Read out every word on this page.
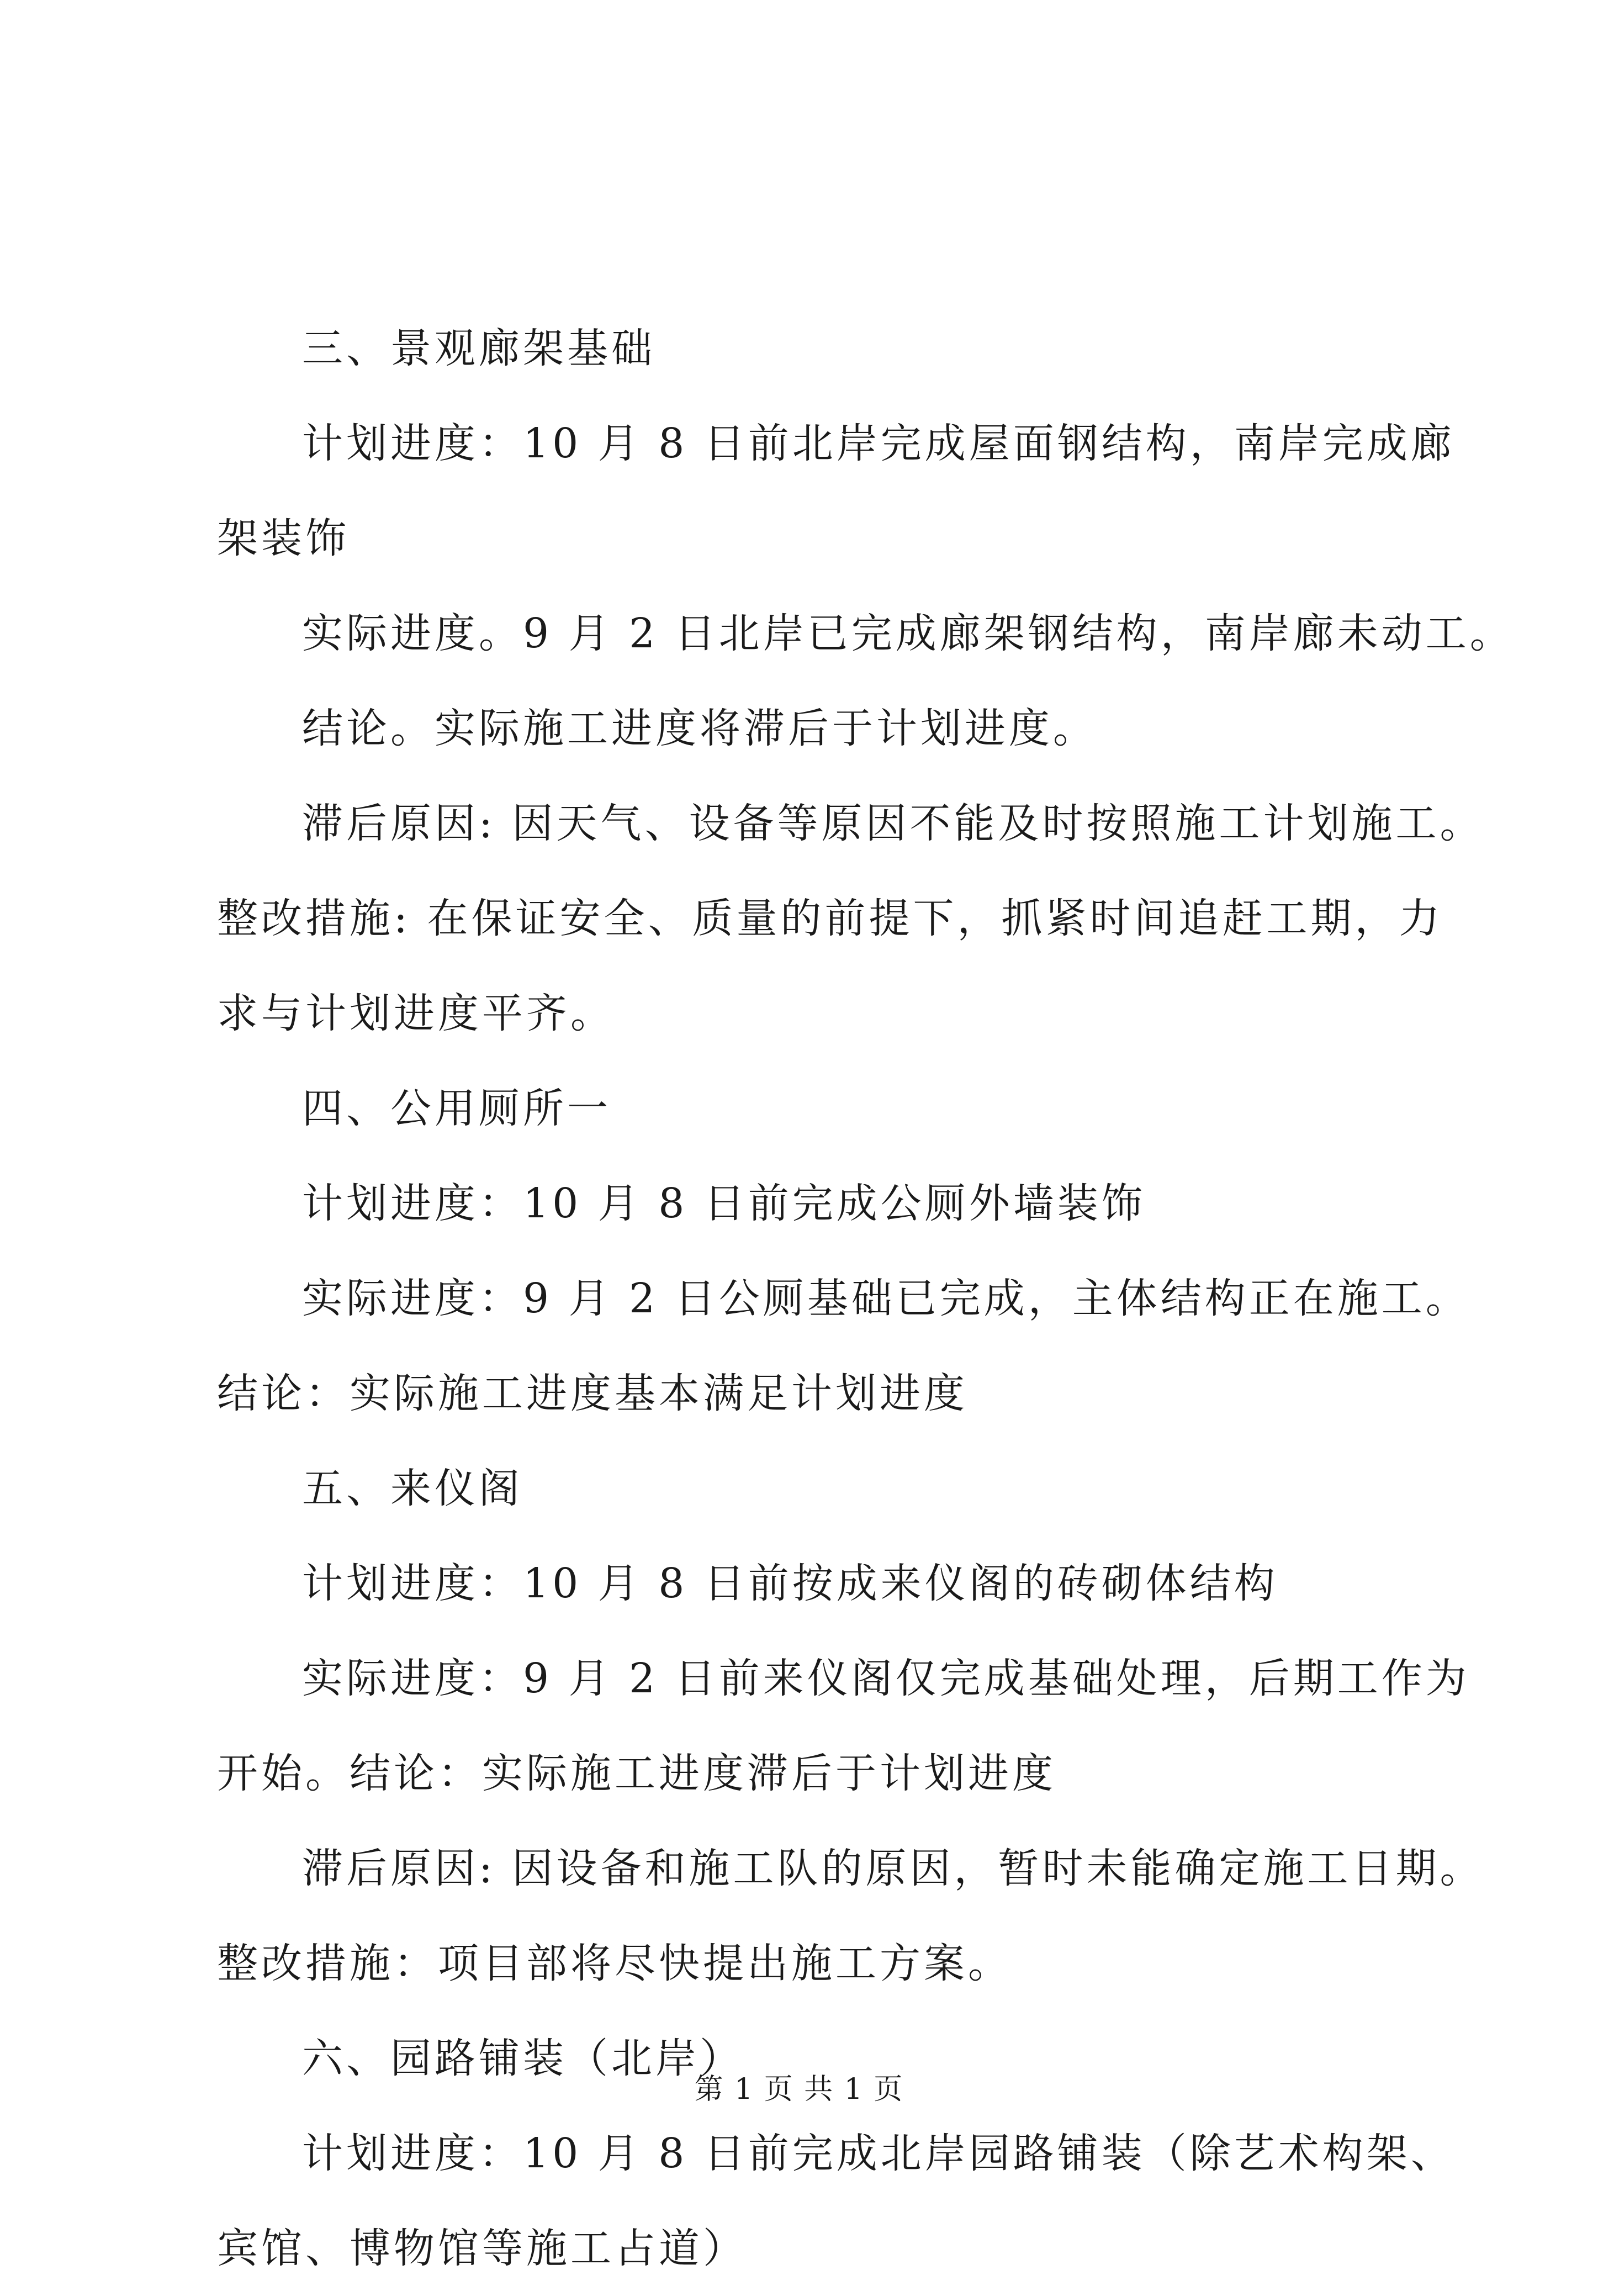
三、景观廊架基础
计划进度：10 月 8 日前北岸完成屋面钢结构，南岸完成廊
架装饰
实际进度。9 月 2 日北岸已完成廊架钢结构，南岸廊未动工。
结论。实际施工进度将滞后于计划进度。
滞后原因: 因天气、设备等原因不能及时按照施工计划施工。
整改措施: 在保证安全、质量的前提下，抓紧时间追赶工期，力
求与计划进度平齐。
四、公用厕所一
计划进度：10 月 8 日前完成公厕外墙装饰
实际进度：9 月 2 日公厕基础已完成，主体结构正在施工。
结论：实际施工进度基本满足计划进度
五、来仪阁
计划进度：10 月 8 日前按成来仪阁的砖砌体结构
实际进度：9 月 2 日前来仪阁仅完成基础处理，后期工作为
开始。结论：实际施工进度滞后于计划进度
滞后原因: 因设备和施工队的原因，暂时未能确定施工日期。
整改措施：项目部将尽快提出施工方案。
六、园路铺装（北岸）
计划进度：10 月 8 日前完成北岸园路铺装（除艺术构架、
宾馆、博物馆等施工占道）
第 1 页 共 1 页
